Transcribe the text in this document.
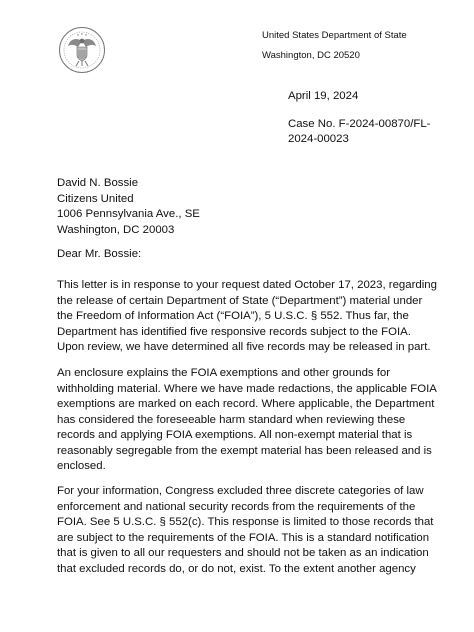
United States Department of State
Washington, DC 20520
April 19, 2024
Case No. F-2024-00870/FL-
2024-00023
David N. Bossie
Citizens United
1006 Pennsylvania Ave., SE
Washington, DC 20003
Dear Mr. Bossie:
This letter is in response to your request dated October 17, 2023, regarding
the release of certain Department of State (“Department”) material under
the Freedom of Information Act (“FOIA”), 5 U.S.C. § 552. Thus far, the
Department has identified five responsive records subject to the FOIA.
Upon review, we have determined all five records may be released in part.
An enclosure explains the FOIA exemptions and other grounds for
withholding material. Where we have made redactions, the applicable FOIA
exemptions are marked on each record. Where applicable, the Department
has considered the foreseeable harm standard when reviewing these
records and applying FOIA exemptions. All non-exempt material that is
reasonably segregable from the exempt material has been released and is
enclosed.
For your information, Congress excluded three discrete categories of law
enforcement and national security records from the requirements of the
FOIA. See 5 U.S.C. § 552(c). This response is limited to those records that
are subject to the requirements of the FOIA. This is a standard notification
that is given to all our requesters and should not be taken as an indication
that excluded records do, or do not, exist. To the extent another agency
